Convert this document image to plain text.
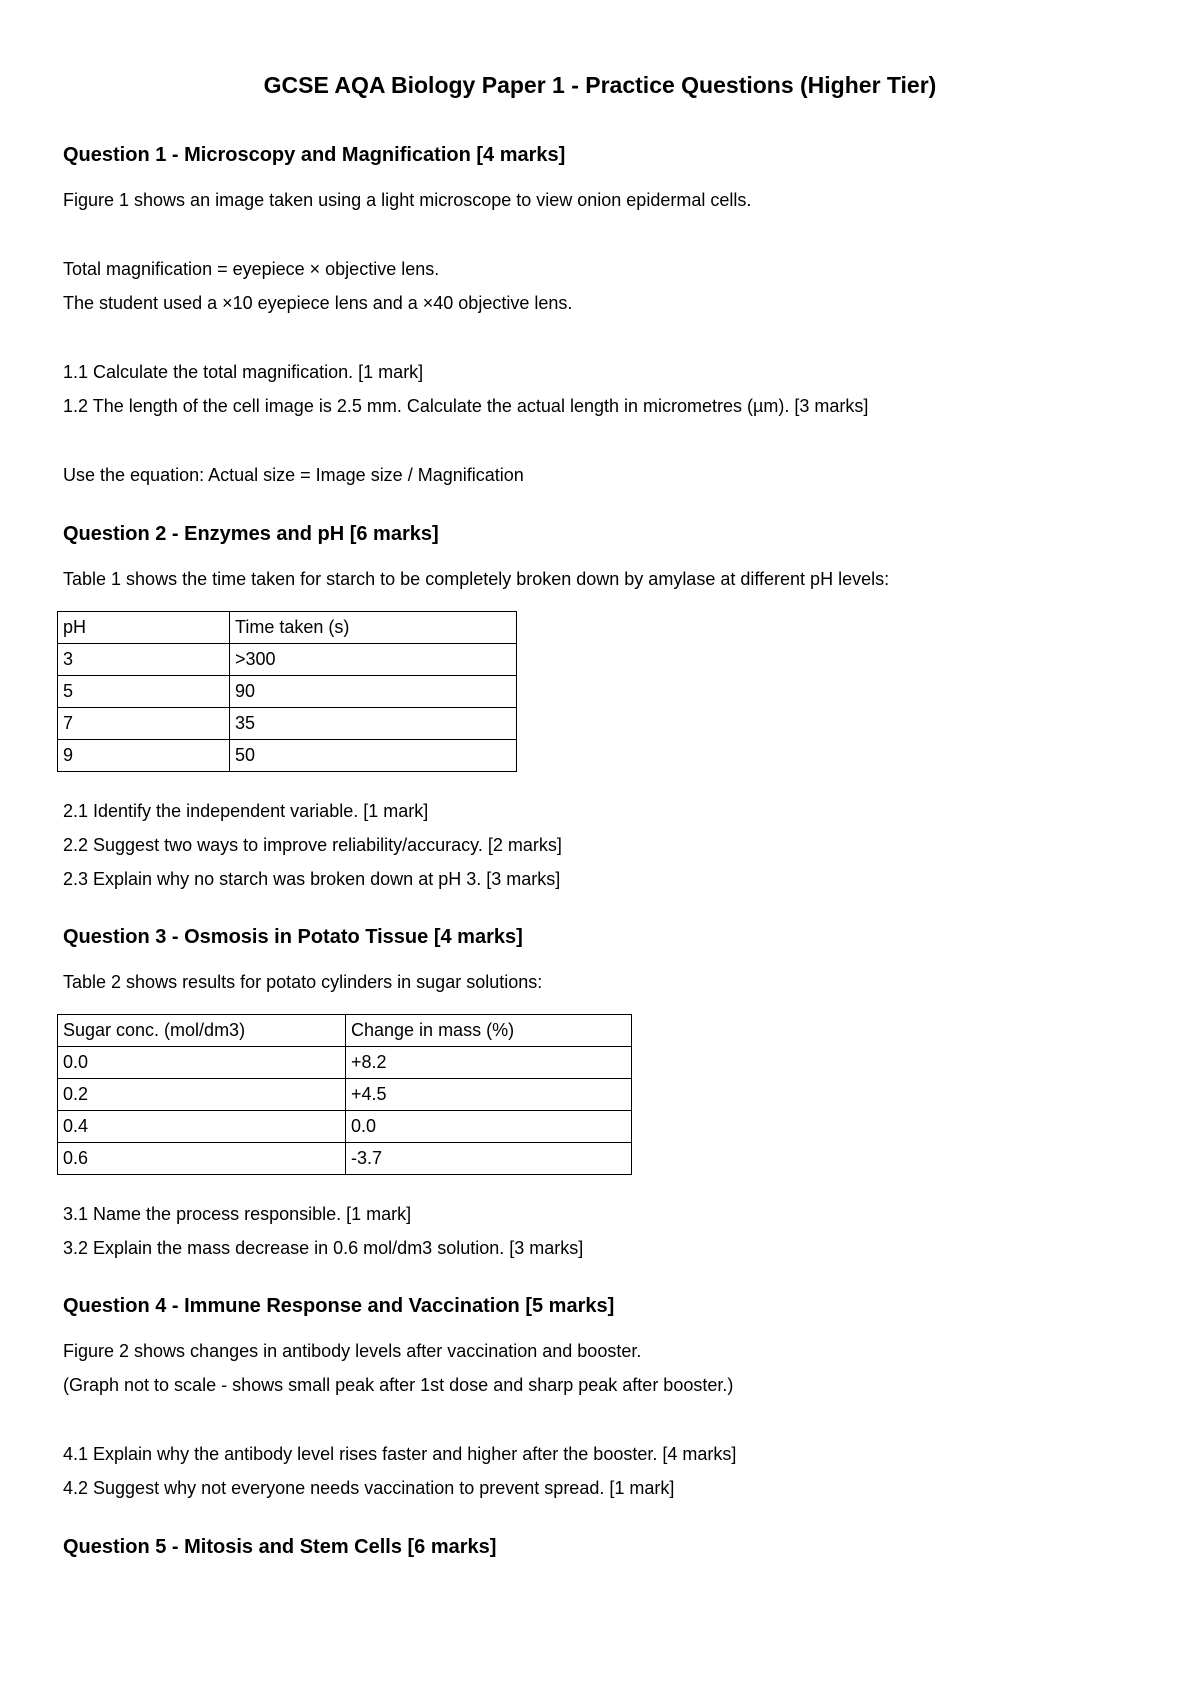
GCSE AQA Biology Paper 1 - Practice Questions (Higher Tier)
Question 1 - Microscopy and Magnification [4 marks]
Figure 1 shows an image taken using a light microscope to view onion epidermal cells.
Total magnification = eyepiece × objective lens.
The student used a ×10 eyepiece lens and a ×40 objective lens.
1.1 Calculate the total magnification. [1 mark]
1.2 The length of the cell image is 2.5 mm. Calculate the actual length in micrometres (µm). [3 marks]
Use the equation: Actual size = Image size / Magnification
Question 2 - Enzymes and pH [6 marks]
Table 1 shows the time taken for starch to be completely broken down by amylase at different pH levels:
pH	Time taken (s)
3	>300
5	90
7	35
9	50
2.1 Identify the independent variable. [1 mark]
2.2 Suggest two ways to improve reliability/accuracy. [2 marks]
2.3 Explain why no starch was broken down at pH 3. [3 marks]
Question 3 - Osmosis in Potato Tissue [4 marks]
Table 2 shows results for potato cylinders in sugar solutions:
Sugar conc. (mol/dm3)	Change in mass (%)
0.0	+8.2
0.2	+4.5
0.4	0.0
0.6	-3.7
3.1 Name the process responsible. [1 mark]
3.2 Explain the mass decrease in 0.6 mol/dm3 solution. [3 marks]
Question 4 - Immune Response and Vaccination [5 marks]
Figure 2 shows changes in antibody levels after vaccination and booster.
(Graph not to scale - shows small peak after 1st dose and sharp peak after booster.)
4.1 Explain why the antibody level rises faster and higher after the booster. [4 marks]
4.2 Suggest why not everyone needs vaccination to prevent spread. [1 mark]
Question 5 - Mitosis and Stem Cells [6 marks]
